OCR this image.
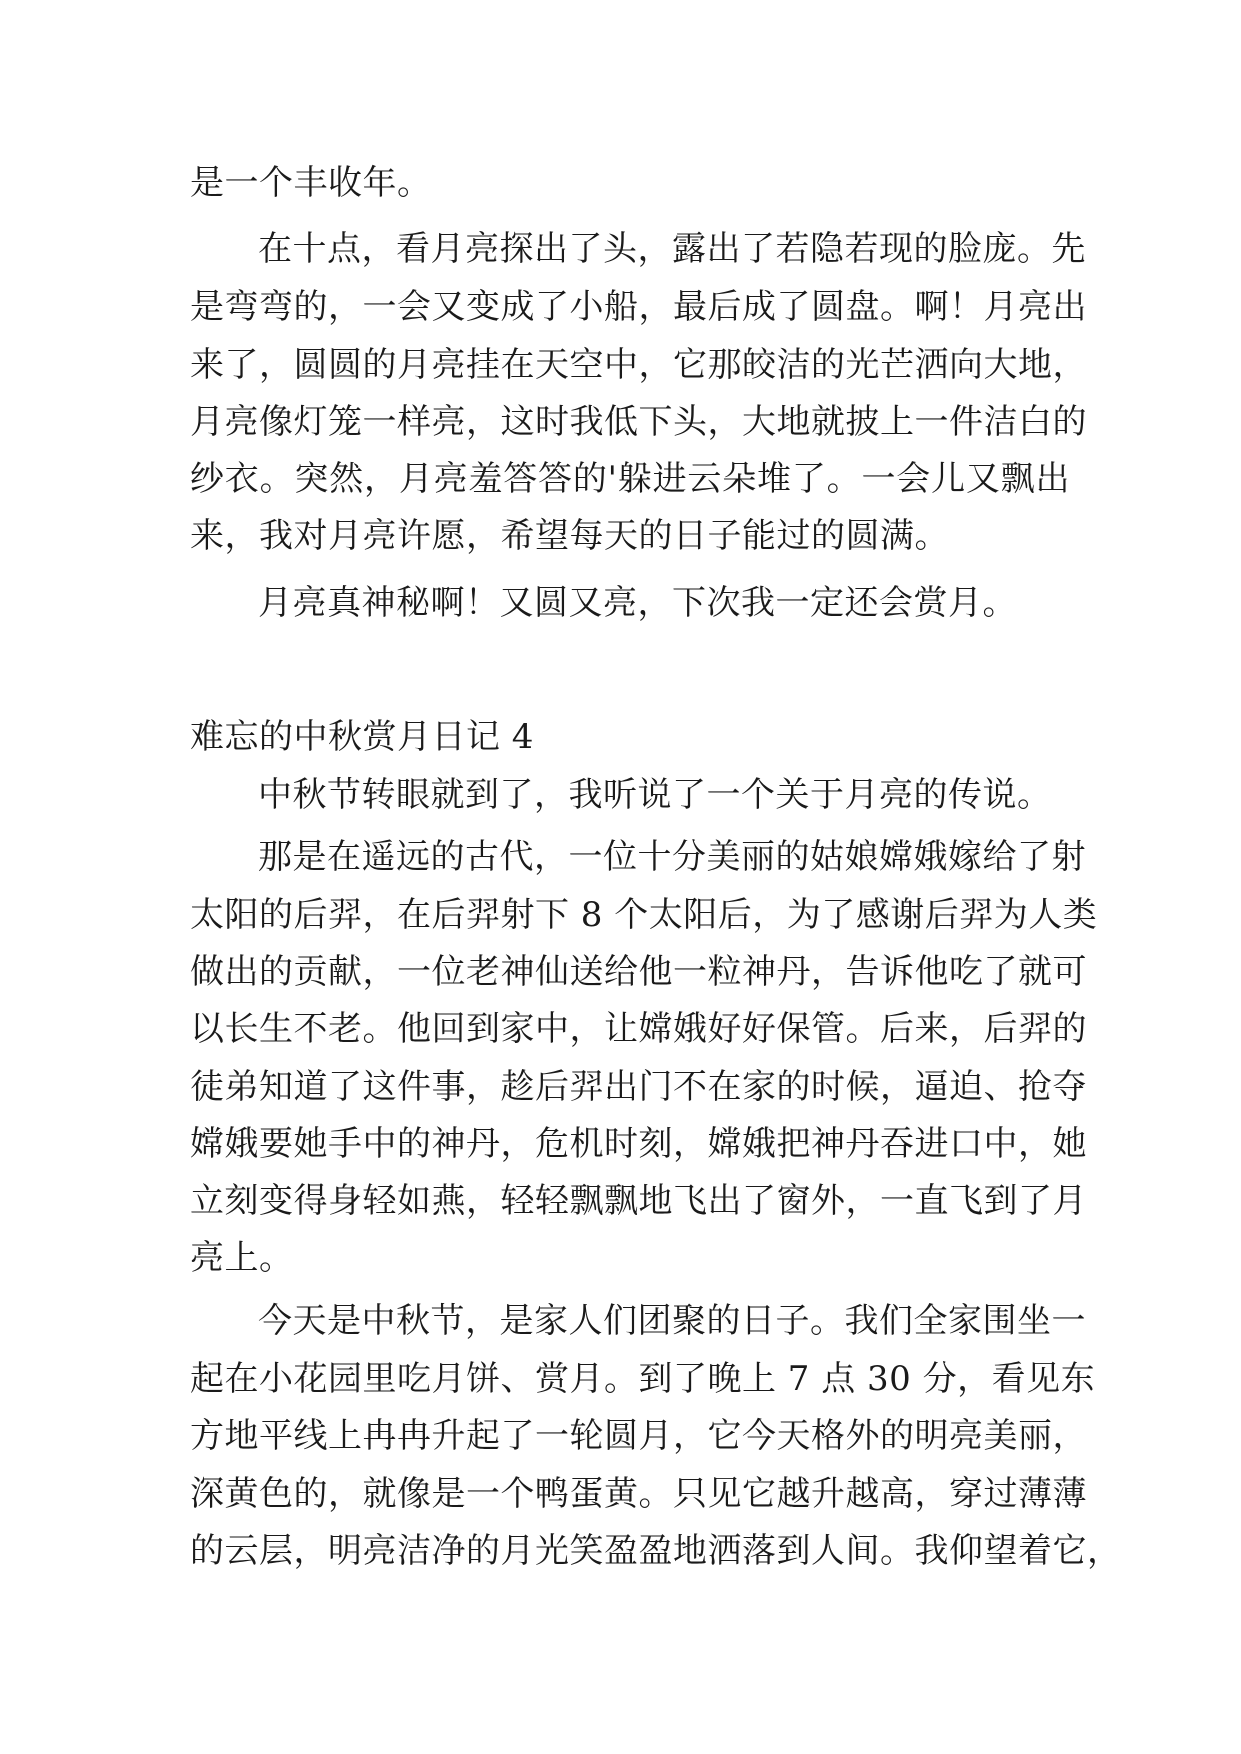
是一个丰收年。

在十点，看月亮探出了头，露出了若隐若现的脸庞。先

是弯弯的，一会又变成了小船，最后成了圆盘。啊！月亮出

来了，圆圆的月亮挂在天空中，它那皎洁的光芒洒向大地，

月亮像灯笼一样亮，这时我低下头，大地就披上一件洁白的

纱衣。突然，月亮羞答答的'躲进云朵堆了。一会儿又飘出

来，我对月亮许愿，希望每天的日子能过的圆满。

月亮真神秘啊！又圆又亮，下次我一定还会赏月。

难忘的中秋赏月日记 4

中秋节转眼就到了，我听说了一个关于月亮的传说。

那是在遥远的古代，一位十分美丽的姑娘嫦娥嫁给了射

太阳的后羿，在后羿射下 8 个太阳后，为了感谢后羿为人类

做出的贡献，一位老神仙送给他一粒神丹，告诉他吃了就可

以长生不老。他回到家中，让嫦娥好好保管。后来，后羿的

徒弟知道了这件事，趁后羿出门不在家的时候，逼迫、抢夺

嫦娥要她手中的神丹，危机时刻，嫦娥把神丹吞进口中，她

立刻变得身轻如燕，轻轻飘飘地飞出了窗外，一直飞到了月

亮上。

今天是中秋节，是家人们团聚的日子。我们全家围坐一

起在小花园里吃月饼、赏月。到了晚上 7 点 30 分，看见东

方地平线上冉冉升起了一轮圆月，它今天格外的明亮美丽，

深黄色的，就像是一个鸭蛋黄。只见它越升越高，穿过薄薄

的云层，明亮洁净的月光笑盈盈地洒落到人间。我仰望着它，
